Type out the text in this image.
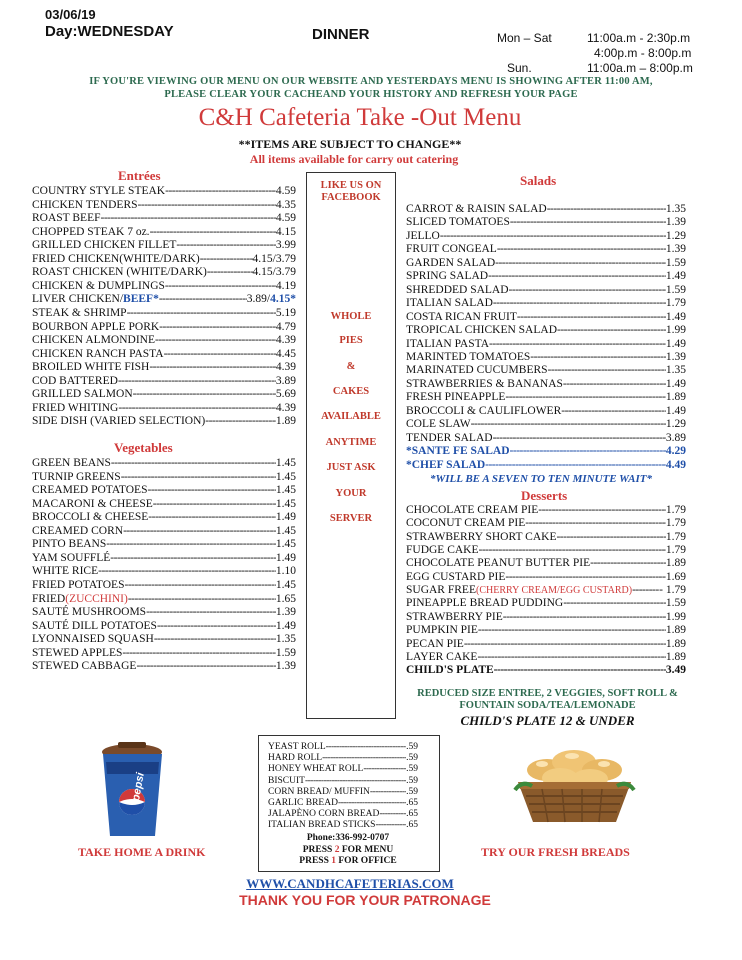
03/06/19
Day:WEDNESDAY	DINNER	Mon – Sat	11:00a.m - 2:30p.m
4:00p.m - 8:00p.m
Sun.	11:00a.m – 8:00p.m
IF YOU'RE VIEWING OUR MENU ON OUR WEBSITE AND YESTERDAYS MENU IS SHOWING AFTER 11:00 AM,
PLEASE CLEAR YOUR CACHEAND YOUR HISTORY AND REFRESH YOUR PAGE
C&H Cafeteria Take -Out Menu
**ITEMS ARE SUBJECT TO CHANGE**
All items available for carry out catering
Entrées
COUNTRY STYLE STEAK -----	4.59
CHICKEN TENDERS -----	4.35
ROAST BEEF -----	4.59
CHOPPED STEAK 7 oz. -----	4.15
GRILLED CHICKEN FILLET -----	3.99
FRIED CHICKEN(WHITE/DARK) -----	4.15/3.79
ROAST CHICKEN (WHITE/DARK) -----	4.15/3.79
CHICKEN & DUMPLINGS -----	4.19
LIVER CHICKEN/ BEEF* -----	3.89/ 4.15*
STEAK & SHRIMP -----	5.19
BOURBON APPLE PORK -----	4.79
CHICKEN ALMONDINE -----	4.39
CHICKEN RANCH PASTA -----	4.45
BROILED WHITE FISH -----	4.39
COD BATTERED -----	3.89
GRILLED SALMON -----	5.69
FRIED WHITING -----	4.39
SIDE DISH (VARIED SELECTION) -----	1.89
Vegetables
GREEN BEANS -----	1.45
TURNIP GREENS -----	1.45
CREAMED POTATOES -----	1.45
MACARONI & CHEESE -----	1.45
BROCCOLI & CHEESE -----	1.49
CREAMED CORN -----	1.45
PINTO BEANS -----	1.45
YAM SOUFFLÉ -----	1.49
WHITE RICE -----	1.10
FRIED POTATOES -----	1.45
FRIED (ZUCCHINI) -----	1.65
SAUTÉ MUSHROOMS -----	1.39
SAUTÉ DILL POTATOES -----	1.49
LYONNAISED SQUASH -----	1.35
STEWED APPLES -----	1.59
STEWED CABBAGE -----	1.39
LIKE US ON
FACEBOOK
WHOLE
PIES
&
CAKES
AVAILABLE
ANYTIME
JUST ASK
YOUR
SERVER
Salads
CARROT & RAISIN SALAD -----	1.35
SLICED TOMATOES -----	1.39
JELLO -----	1.29
FRUIT CONGEAL -----	1.39
GARDEN SALAD -----	1.59
SPRING SALAD -----	1.49
SHREDDED SALAD -----	1.59
ITALIAN SALAD -----	1.79
COSTA RICAN FRUIT -----	1.49
TROPICAL CHICKEN SALAD -----	1.99
ITALIAN PASTA -----	1.49
MARINTED TOMATOES -----	1.39
MARINATED CUCUMBERS -----	1.35
STRAWBERRIES & BANANAS -----	1.49
FRESH PINEAPPLE -----	1.89
BROCCOLI & CAULIFLOWER -----	1.49
COLE SLAW -----	1.29
TENDER SALAD -----	3.89
*SANTE FE SALAD -----	4.29
*CHEF SALAD -----	4.49
*WILL BE A SEVEN TO TEN MINUTE WAIT*
Desserts
CHOCOLATE CREAM PIE -----	1.79
COCONUT CREAM PIE -----	1.79
STRAWBERRY SHORT CAKE -----	1.79
FUDGE CAKE -----	1.79
CHOCOLATE PEANUT BUTTER PIE -----	1.89
EGG CUSTARD PIE -----	1.69
SUGAR FREE (CHERRY CREAM/EGG CUSTARD) ----- - 1.79
PINEAPPLE BREAD PUDDING -----	1.59
STRAWBERRY PIE -----	1.99
PUMPKIN PIE -----	1.89
PECAN PIE -----	1.89
LAYER CAKE -----	1.89
CHILD'S PLATE -----	3.49
REDUCED SIZE ENTREE, 2 VEGGIES, SOFT ROLL &
FOUNTAIN SODA/TEA/LEMONADE
CHILD'S PLATE 12 & UNDER
pepsi
TAKE HOME A DRINK
YEAST ROLL -----	.59
HARD ROLL -----	.59
HONEY WHEAT ROLL -----	.59
BISCUIT -----	.59
CORN BREAD/ MUFFIN -----	.59
GARLIC BREAD -----	.65
JALAPÈNO CORN BREAD -----	.65
ITALIAN BREAD STICKS -----	.65
Phone:336-992-0707
PRESS 2 FOR MENU
PRESS 1 FOR OFFICE
TRY OUR FRESH BREADS
WWW.CANDHCAFETERIAS.COM
THANK YOU FOR YOUR PATRONAGE
